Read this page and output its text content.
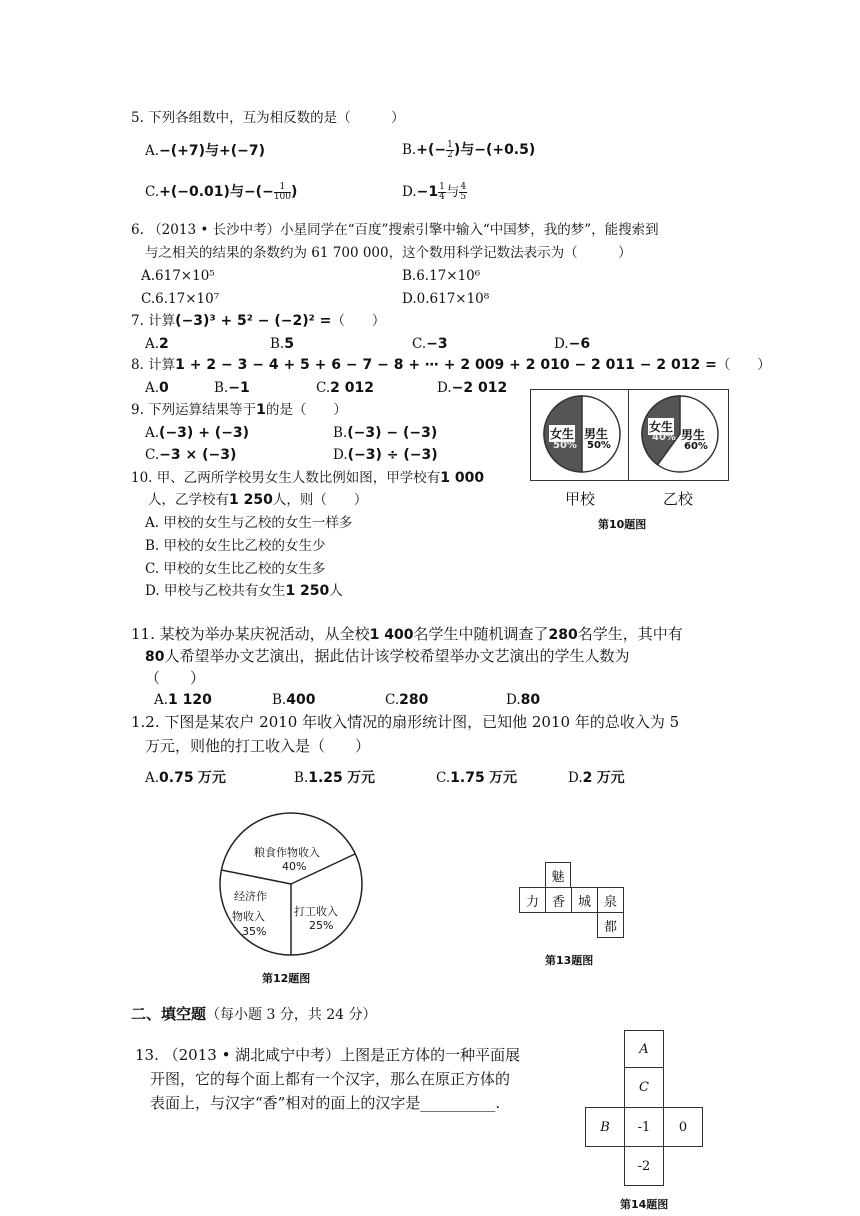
5. 下列各组数中，互为相反数的是（　　　）
A.−(+7)与+(−7)	$B.+(- \frac{1}{2}$ )与−(+0.5)
C.+(−0.01)与−(− $\frac{1}{100}$ )	$D.-1 \frac{1}{4}$ 与 $\frac{4}{5}$
6. （2013 • 长沙中考）小星同学在“百度”搜索引擎中输入“中国梦，我的梦”，能搜索到
与之相关的结果的条数约为 61 700 000，这个数用科学记数法表示为（　　　）
A.617×10⁵	B.6.17×10⁶
C.6.17×10⁷	D.0.617×10⁸
7. 计算(−3)³ + 5² − (−2)² =（　　）
A.2	B.5	C.−3	D.−6
8. 计算1 + 2 − 3 − 4 + 5 + 6 − 7 − 8 + ⋯ + 2 009 + 2 010 − 2 011 − 2 012 =（　　）
A.0	B.−1	C.2 012	D.−2 012
9. 下列运算结果等于1的是（　　）
A.(−3) + (−3)	B.(−3) − (−3)
C.−3 × (−3)	D.(−3) ÷ (−3)
10. 甲、乙两所学校男女生人数比例如图，甲学校有1 000
人，乙学校有1 250人，则（　　）
A. 甲校的女生与乙校的女生一样多
B. 甲校的女生比乙校的女生少
C. 甲校的女生比乙校的女生多
D. 甲校与乙校共有女生1 250人
女生
50%
男生
50%
女生
40% 男生
60%
甲校	乙校
第10题图
11. 某校为举办某庆祝活动，从全校1 400名学生中随机调查了280名学生，其中有
80人希望举办文艺演出，据此估计该学校希望举办文艺演出的学生人数为
（　　）
A.1 120	B.400	C.280	D.80
1.2. 下图是某农户 2010 年收入情况的扇形统计图，已知他 2010 年的总收入为 5
万元，则他的打工收入是（　　）
A.0.75 万元	B.1.25 万元	C.1.75 万元	D.2 万元
粮食作物收入
40%
经济作
物收入
35%
打工收入
25%
第12题图
魅
力 香 城 泉
都
第13题图
二、填空题（每小题 3 分，共 24 分）
13. （2013 • 湖北咸宁中考）上图是正方体的一种平面展
开图，它的每个面上都有一个汉字，那么在原正方体的
表面上，与汉字“香”相对的面上的汉字是__________.
A
C
B	-1	0
-2
第14题图
